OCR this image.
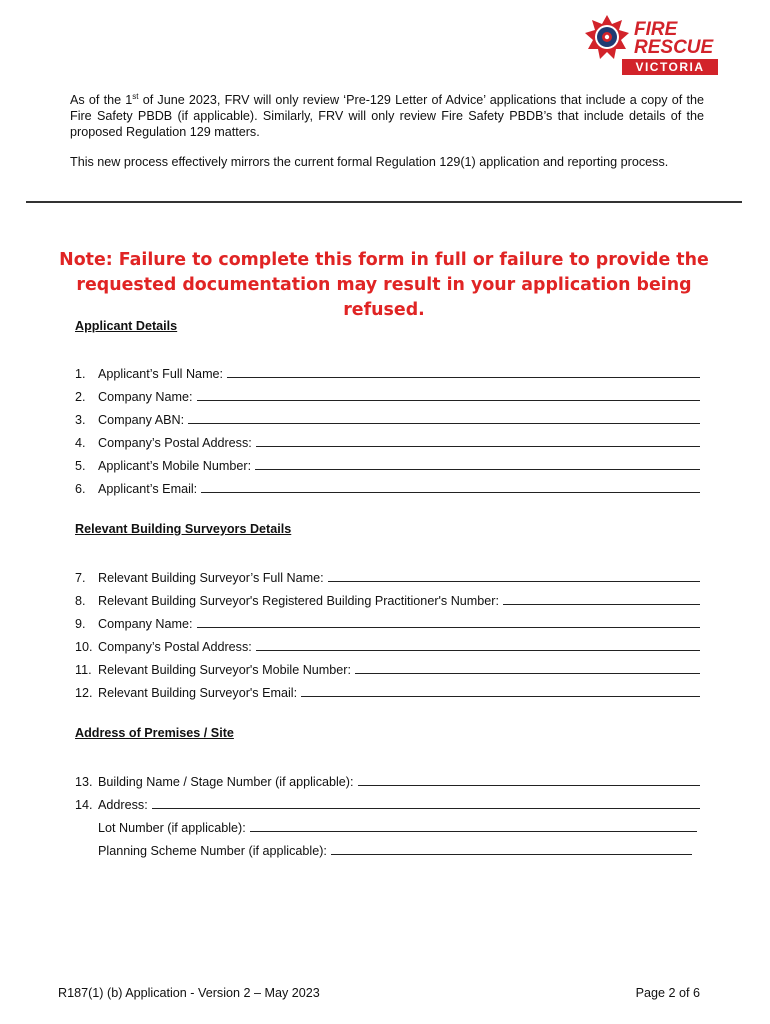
FIRE
RESCUE
VICTORIA
As of the 1st of June 2023, FRV will only review ‘Pre-129 Letter of Advice’ applications that include a copy of the Fire Safety PBDB (if applicable). Similarly, FRV will only review Fire Safety PBDB’s that include details of the proposed Regulation 129 matters.
This new process effectively mirrors the current formal Regulation 129(1) application and reporting process.
Note: Failure to complete this form in full or failure to provide the
requested documentation may result in your application being refused.
Applicant Details
1. Applicant’s Full Name:
2. Company Name:
3. Company ABN:
4. Company’s Postal Address:
5. Applicant’s Mobile Number:
6. Applicant’s Email:
Relevant Building Surveyors Details
7. Relevant Building Surveyor’s Full Name:
8. Relevant Building Surveyor's Registered Building Practitioner's Number:
9. Company Name:
10. Company’s Postal Address:
11. Relevant Building Surveyor's Mobile Number:
12. Relevant Building Surveyor's Email:
Address of Premises / Site
13. Building Name / Stage Number (if applicable):
14. Address:
Lot Number (if applicable):
Planning Scheme Number (if applicable):
R187(1) (b) Application - Version 2 – May 2023	Page 2 of 6
